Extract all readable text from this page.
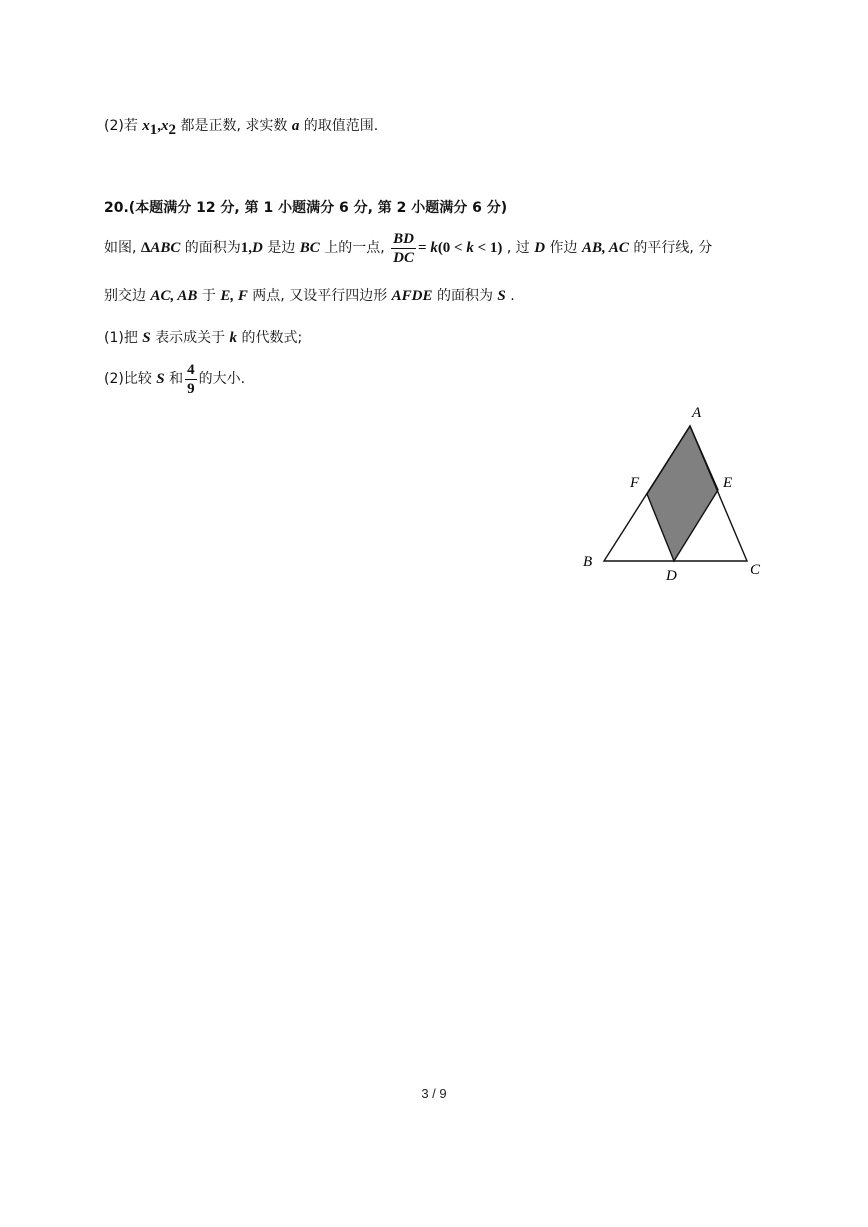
(2)若 $x_1,x_2$ 都是正数, 求实数 a 的取值范围.
20.(本题满分 12 分, 第 1 小题满分 6 分, 第 2 小题满分 6 分)
如图, ΔABC 的面积为1,D 是边 BC 上的一点, $\frac{BD}{DC} = k(0 < k < 1)$ , 过 D 作边 AB, AC 的平行线, 分
别交边 AC, AB 于 E, F 两点, 又设平行四边形 AFDE 的面积为 S .
(1)把 S 表示成关于 k 的代数式;
(2)比较 S 和 $\frac{4}{9}$ 的大小.
A
B	C
D
E
F
3 / 9
